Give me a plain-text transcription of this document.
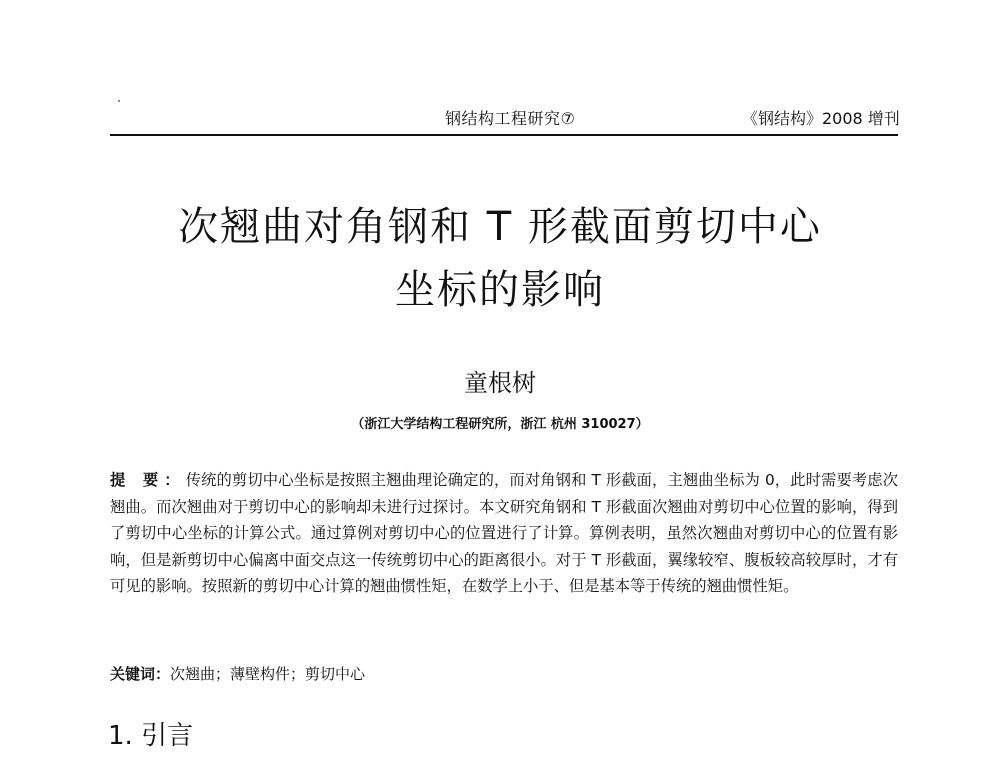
钢结构工程研究⑦	《钢结构》2008 增刊
次翘曲对角钢和 T 形截面剪切中心
坐标的影响
童根树
（浙江大学结构工程研究所，浙江 杭州 310027）
提 要：传统的剪切中心坐标是按照主翘曲理论确定的，而对角钢和 T 形截面，主翘曲坐标为 0，此时需要考虑次翘曲。而次翘曲对于剪切中心的影响却未进行过探讨。本文研究角钢和 T 形截面次翘曲对剪切中心位置的影响，得到了剪切中心坐标的计算公式。通过算例对剪切中心的位置进行了计算。算例表明，虽然次翘曲对剪切中心的位置有影响，但是新剪切中心偏离中面交点这一传统剪切中心的距离很小。对于 T 形截面，翼缘较窄、腹板较高较厚时，才有可见的影响。按照新的剪切中心计算的翘曲惯性矩，在数学上小于、但是基本等于传统的翘曲惯性矩。
关键词：次翘曲；薄壁构件；剪切中心
1. 引言
